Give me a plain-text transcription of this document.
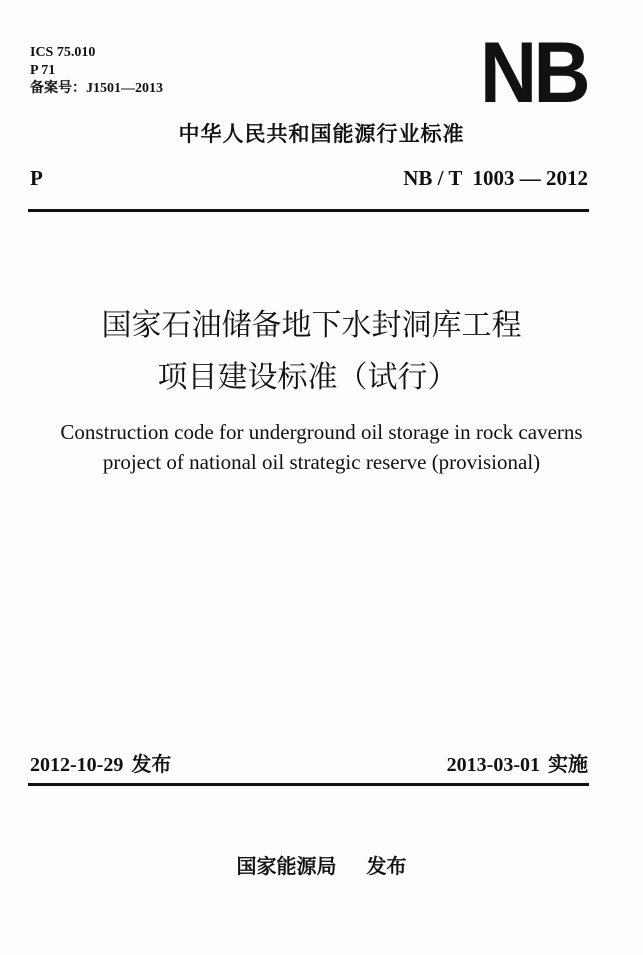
ICS 75.010
P 71
备案号：J1501—2013	NB
中华人民共和国能源行业标准
P	NB / T  1003 — 2012
国家石油储备地下水封洞库工程
项目建设标准（试行）
Construction code for underground oil storage in rock caverns
project of national oil strategic reserve (provisional)
2012-10-29 发布	2013-03-01 实施
国家能源局 发布
